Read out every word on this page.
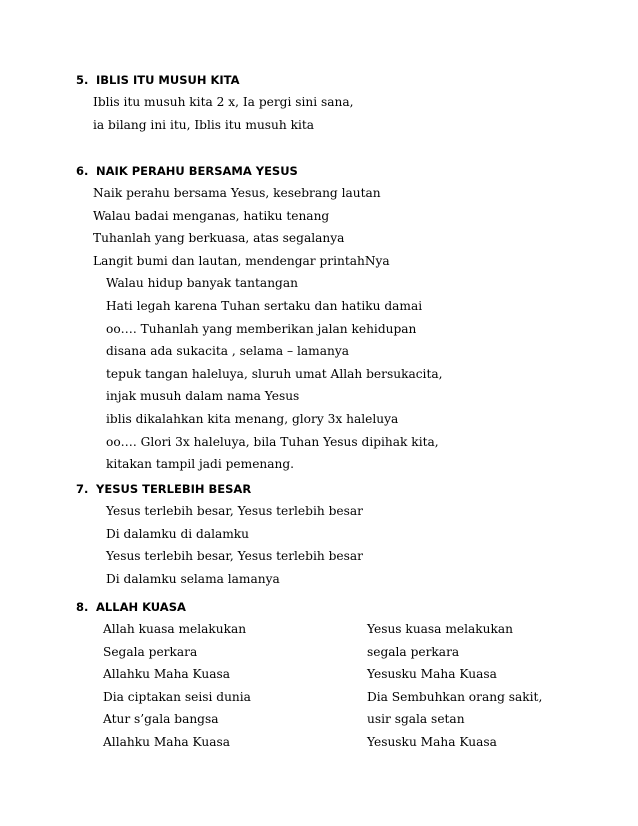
5. IBLIS ITU MUSUH KITA
Iblis itu musuh kita 2 x, Ia pergi sini sana,
ia bilang ini itu, Iblis itu musuh kita
6. NAIK PERAHU BERSAMA YESUS
Naik perahu bersama Yesus, kesebrang lautan
Walau badai menganas, hatiku tenang
Tuhanlah yang berkuasa, atas segalanya
Langit bumi dan lautan, mendengar printahNya
Walau hidup banyak tantangan
Hati legah karena Tuhan sertaku dan hatiku damai
oo…. Tuhanlah yang memberikan jalan kehidupan
disana ada sukacita , selama – lamanya
tepuk tangan haleluya, sluruh umat Allah bersukacita,
injak musuh dalam nama Yesus
iblis dikalahkan kita menang, glory 3x haleluya
oo…. Glori 3x haleluya, bila Tuhan Yesus dipihak kita,
kitakan tampil jadi pemenang.
7. YESUS TERLEBIH BESAR
Yesus terlebih besar, Yesus terlebih besar
Di dalamku di dalamku
Yesus terlebih besar, Yesus terlebih besar
Di dalamku selama lamanya
8. ALLAH KUASA
Allah kuasa melakukan
Segala perkara
Allahku Maha Kuasa
Dia ciptakan seisi dunia
Atur s’gala bangsa
Allahku Maha Kuasa
Yesus kuasa melakukan
segala perkara
Yesusku Maha Kuasa
Dia Sembuhkan orang sakit,
usir sgala setan
Yesusku Maha Kuasa
